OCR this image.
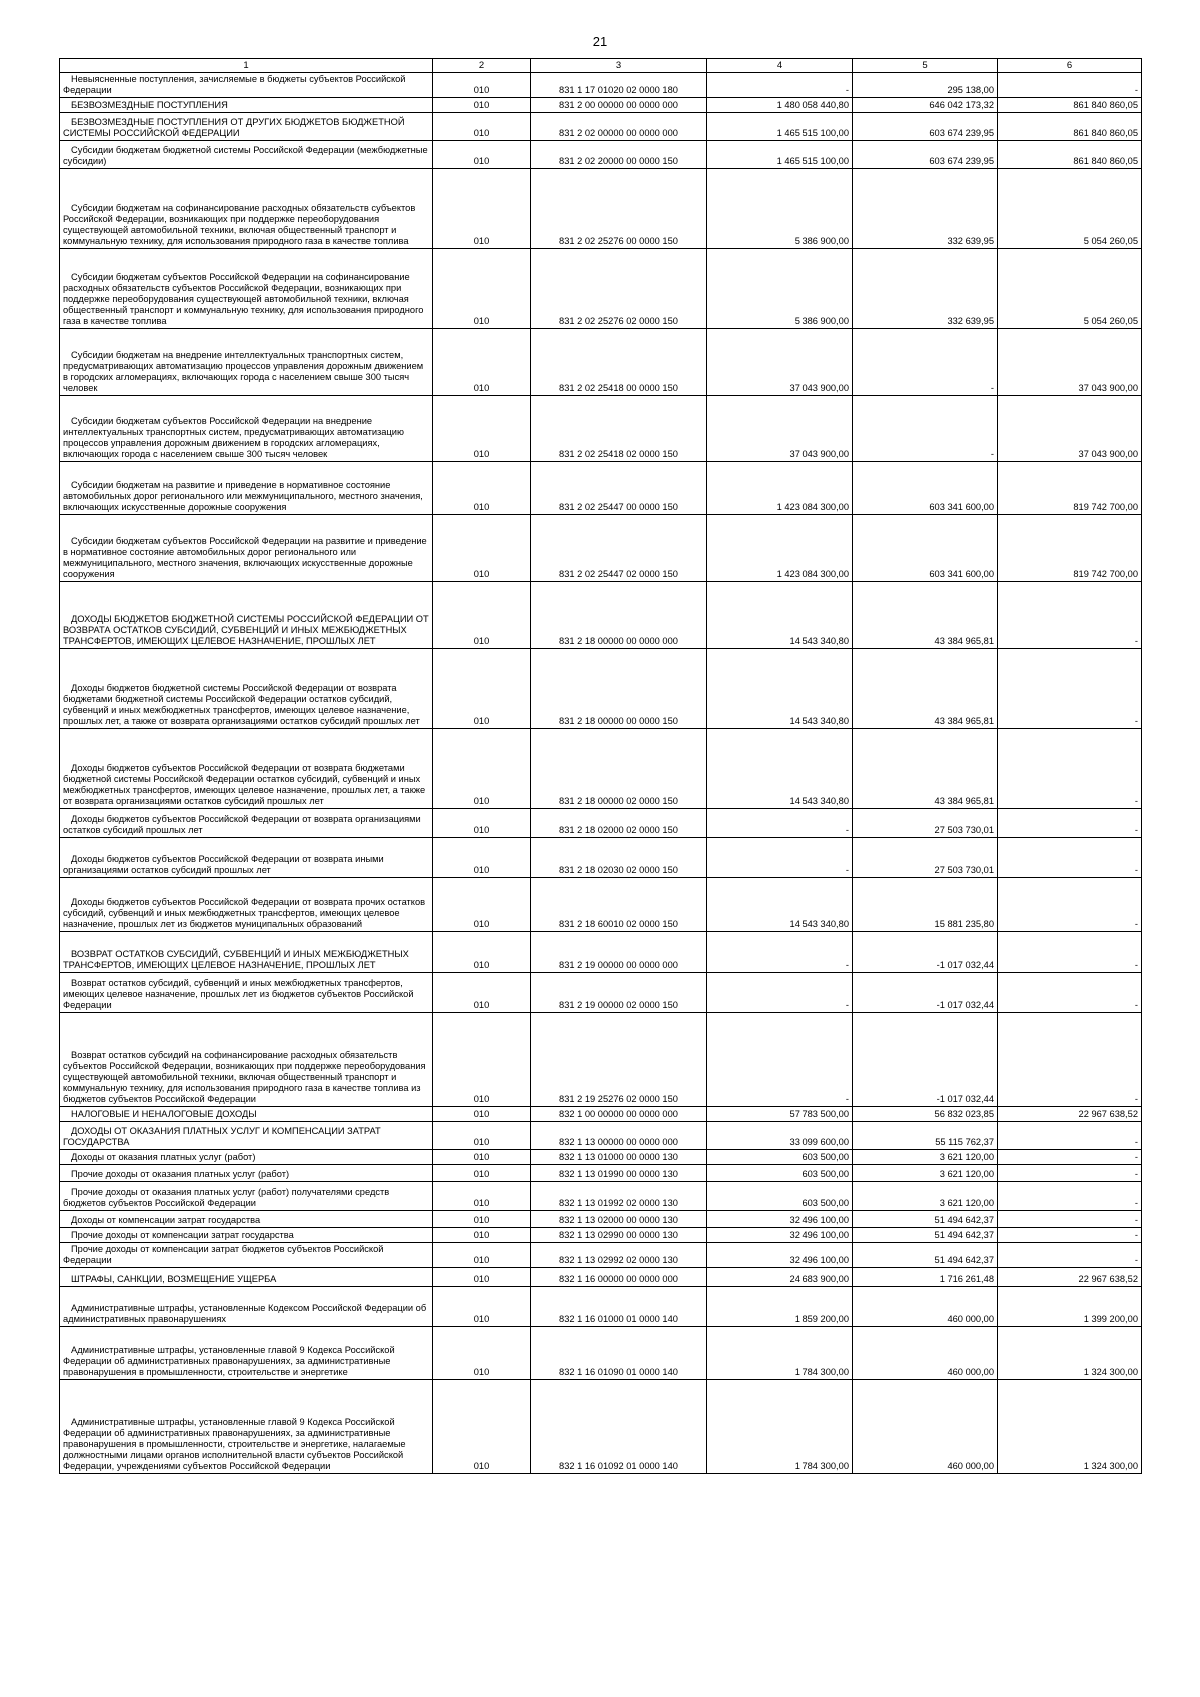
21
1	2	3	4	5	6
Невыясненные поступления, зачисляемые в бюджеты субъектов Российской Федерации	010	831 1 17 01020 02 0000 180	-	295 138,00	-
БЕЗВОЗМЕЗДНЫЕ ПОСТУПЛЕНИЯ	010	831 2 00 00000 00 0000 000	1 480 058 440,80	646 042 173,32	861 840 860,05
БЕЗВОЗМЕЗДНЫЕ ПОСТУПЛЕНИЯ ОТ ДРУГИХ БЮДЖЕТОВ БЮДЖЕТНОЙ СИСТЕМЫ РОССИЙСКОЙ ФЕДЕРАЦИИ	010	831 2 02 00000 00 0000 000	1 465 515 100,00	603 674 239,95	861 840 860,05
Субсидии бюджетам бюджетной системы Российской Федерации (межбюджетные субсидии)	010	831 2 02 20000 00 0000 150	1 465 515 100,00	603 674 239,95	861 840 860,05
Субсидии бюджетам на софинансирование расходных обязательств субъектов Российской Федерации, возникающих при поддержке переоборудования существующей автомобильной техники, включая общественный транспорт и коммунальную технику, для использования природного газа в качестве топлива	010	831 2 02 25276 00 0000 150	5 386 900,00	332 639,95	5 054 260,05
Субсидии бюджетам субъектов Российской Федерации на софинансирование расходных обязательств субъектов Российской Федерации, возникающих при поддержке переоборудования существующей автомобильной техники, включая общественный транспорт и коммунальную технику, для использования природного газа в качестве топлива	010	831 2 02 25276 02 0000 150	5 386 900,00	332 639,95	5 054 260,05
Субсидии бюджетам на внедрение интеллектуальных транспортных систем, предусматривающих автоматизацию процессов управления дорожным движением в городских агломерациях, включающих города с населением свыше 300 тысяч человек	010	831 2 02 25418 00 0000 150	37 043 900,00	-	37 043 900,00
Субсидии бюджетам субъектов Российской Федерации на внедрение интеллектуальных транспортных систем, предусматривающих автоматизацию процессов управления дорожным движением в городских агломерациях, включающих города с населением свыше 300 тысяч человек	010	831 2 02 25418 02 0000 150	37 043 900,00	-	37 043 900,00
Субсидии бюджетам на развитие и приведение в нормативное состояние автомобильных дорог регионального или межмуниципального, местного значения, включающих искусственные дорожные сооружения	010	831 2 02 25447 00 0000 150	1 423 084 300,00	603 341 600,00	819 742 700,00
Субсидии бюджетам субъектов Российской Федерации на развитие и приведение в нормативное состояние автомобильных дорог регионального или межмуниципального, местного значения, включающих искусственные дорожные сооружения	010	831 2 02 25447 02 0000 150	1 423 084 300,00	603 341 600,00	819 742 700,00
ДОХОДЫ БЮДЖЕТОВ БЮДЖЕТНОЙ СИСТЕМЫ РОССИЙСКОЙ ФЕДЕРАЦИИ ОТ ВОЗВРАТА ОСТАТКОВ СУБСИДИЙ, СУБВЕНЦИЙ И ИНЫХ МЕЖБЮДЖЕТНЫХ ТРАНСФЕРТОВ, ИМЕЮЩИХ ЦЕЛЕВОЕ НАЗНАЧЕНИЕ, ПРОШЛЫХ ЛЕТ	010	831 2 18 00000 00 0000 000	14 543 340,80	43 384 965,81	-
Доходы бюджетов бюджетной системы Российской Федерации от возврата бюджетами бюджетной системы Российской Федерации остатков субсидий, субвенций и иных межбюджетных трансфертов, имеющих целевое назначение, прошлых лет, а также от возврата организациями остатков субсидий прошлых лет	010	831 2 18 00000 00 0000 150	14 543 340,80	43 384 965,81	-
Доходы бюджетов субъектов Российской Федерации от возврата бюджетами бюджетной системы Российской Федерации остатков субсидий, субвенций и иных межбюджетных трансфертов, имеющих целевое назначение, прошлых лет, а также от возврата организациями остатков субсидий прошлых лет	010	831 2 18 00000 02 0000 150	14 543 340,80	43 384 965,81	-
Доходы бюджетов субъектов Российской Федерации от возврата организациями остатков субсидий прошлых лет	010	831 2 18 02000 02 0000 150	-	27 503 730,01	-
Доходы бюджетов субъектов Российской Федерации от возврата иными организациями остатков субсидий прошлых лет	010	831 2 18 02030 02 0000 150	-	27 503 730,01	-
Доходы бюджетов субъектов Российской Федерации от возврата прочих остатков субсидий, субвенций и иных межбюджетных трансфертов, имеющих целевое назначение, прошлых лет из бюджетов муниципальных образований	010	831 2 18 60010 02 0000 150	14 543 340,80	15 881 235,80	-
ВОЗВРАТ ОСТАТКОВ СУБСИДИЙ, СУБВЕНЦИЙ И ИНЫХ МЕЖБЮДЖЕТНЫХ ТРАНСФЕРТОВ, ИМЕЮЩИХ ЦЕЛЕВОЕ НАЗНАЧЕНИЕ, ПРОШЛЫХ ЛЕТ	010	831 2 19 00000 00 0000 000	-	-1 017 032,44	-
Возврат остатков субсидий, субвенций и иных межбюджетных трансфертов, имеющих целевое назначение, прошлых лет из бюджетов субъектов Российской Федерации	010	831 2 19 00000 02 0000 150	-	-1 017 032,44	-
Возврат остатков субсидий на софинансирование расходных обязательств субъектов Российской Федерации, возникающих при поддержке переоборудования существующей автомобильной техники, включая общественный транспорт и коммунальную технику, для использования природного газа в качестве топлива из бюджетов субъектов Российской Федерации	010	831 2 19 25276 02 0000 150	-	-1 017 032,44	-
НАЛОГОВЫЕ И НЕНАЛОГОВЫЕ ДОХОДЫ	010	832 1 00 00000 00 0000 000	57 783 500,00	56 832 023,85	22 967 638,52
ДОХОДЫ ОТ ОКАЗАНИЯ ПЛАТНЫХ УСЛУГ И КОМПЕНСАЦИИ ЗАТРАТ ГОСУДАРСТВА	010	832 1 13 00000 00 0000 000	33 099 600,00	55 115 762,37	-
Доходы от оказания платных услуг (работ)	010	832 1 13 01000 00 0000 130	603 500,00	3 621 120,00	-
Прочие доходы от оказания платных услуг (работ)	010	832 1 13 01990 00 0000 130	603 500,00	3 621 120,00	-
Прочие доходы от оказания платных услуг (работ) получателями средств бюджетов субъектов Российской Федерации	010	832 1 13 01992 02 0000 130	603 500,00	3 621 120,00	-
Доходы от компенсации затрат государства	010	832 1 13 02000 00 0000 130	32 496 100,00	51 494 642,37	-
Прочие доходы от компенсации затрат государства	010	832 1 13 02990 00 0000 130	32 496 100,00	51 494 642,37	-
Прочие доходы от компенсации затрат бюджетов субъектов Российской Федерации	010	832 1 13 02992 02 0000 130	32 496 100,00	51 494 642,37	-
ШТРАФЫ, САНКЦИИ, ВОЗМЕЩЕНИЕ УЩЕРБА	010	832 1 16 00000 00 0000 000	24 683 900,00	1 716 261,48	22 967 638,52
Административные штрафы, установленные Кодексом Российской Федерации об административных правонарушениях	010	832 1 16 01000 01 0000 140	1 859 200,00	460 000,00	1 399 200,00
Административные штрафы, установленные главой 9 Кодекса Российской Федерации об административных правонарушениях, за административные правонарушения в промышленности, строительстве и энергетике	010	832 1 16 01090 01 0000 140	1 784 300,00	460 000,00	1 324 300,00
Административные штрафы, установленные главой 9 Кодекса Российской Федерации об административных правонарушениях, за административные правонарушения в промышленности, строительстве и энергетике, налагаемые должностными лицами органов исполнительной власти субъектов Российской Федерации, учреждениями субъектов Российской Федерации	010	832 1 16 01092 01 0000 140	1 784 300,00	460 000,00	1 324 300,00
